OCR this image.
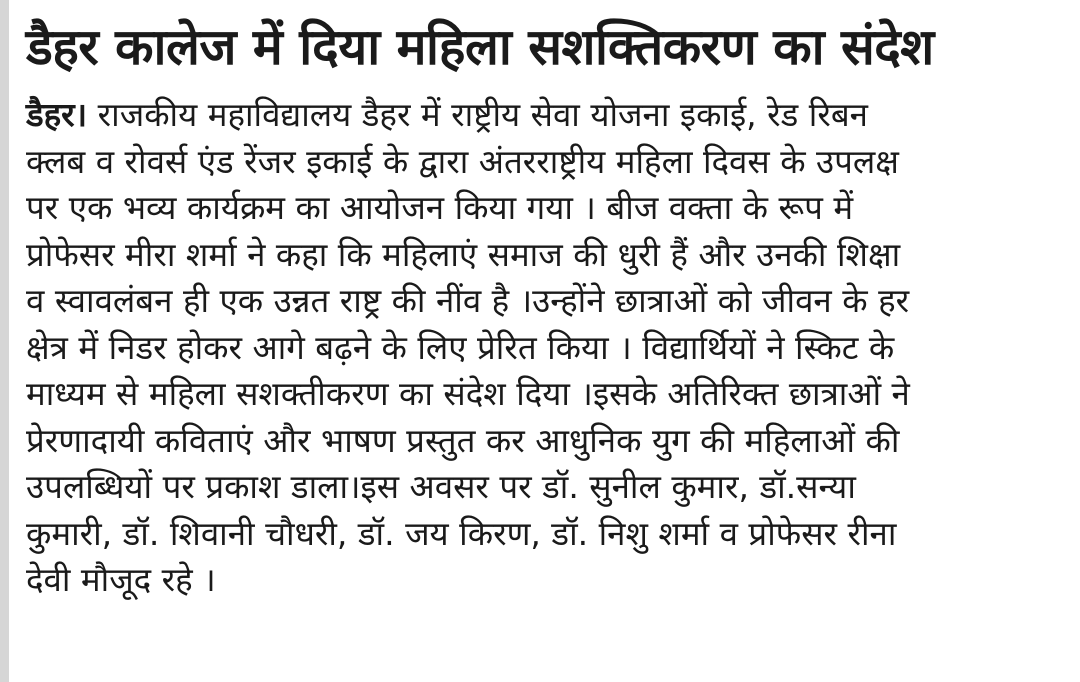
डैहर कालेज में दिया महिला सशक्तिकरण का संदेश
डैहर। राजकीय महाविद्यालय डैहर में राष्ट्रीय सेवा योजना इकाई, रेड रिबन
क्लब व रोवर्स एंड रेंजर इकाई के द्वारा अंतरराष्ट्रीय महिला दिवस के उपलक्ष
पर एक भव्य कार्यक्रम का आयोजन किया गया । बीज वक्ता के रूप में
प्रोफेसर मीरा शर्मा ने कहा कि महिलाएं समाज की धुरी हैं और उनकी शिक्षा
व स्वावलंबन ही एक उन्नत राष्ट्र की नींव है ।उन्होंने छात्राओं को जीवन के हर
क्षेत्र में निडर होकर आगे बढ़ने के लिए प्रेरित किया । विद्यार्थियों ने स्किट के
माध्यम से महिला सशक्तीकरण का संदेश दिया ।इसके अतिरिक्त छात्राओं ने
प्रेरणादायी कविताएं और भाषण प्रस्तुत कर आधुनिक युग की महिलाओं की
उपलब्धियों पर प्रकाश डाला।इस अवसर पर डॉ. सुनील कुमार, डॉ.सन्या
कुमारी, डॉ. शिवानी चौधरी, डॉ. जय किरण, डॉ. निशु शर्मा व प्रोफेसर रीना
देवी मौजूद रहे ।
